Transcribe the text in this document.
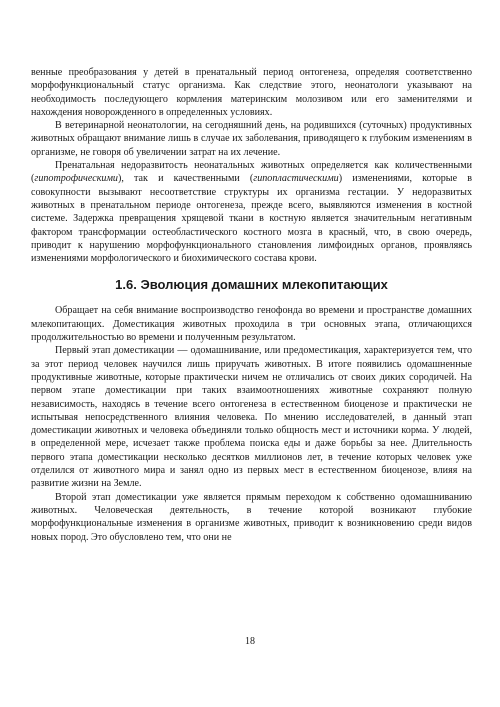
венные преобразования у детей в пренатальный период онтогенеза, определяя соответственно морфофункциональный статус организма. Как следствие этого, неонатологи указывают на необходимость последующего кормления материнским молозивом или его заменителями и нахождения новорожденного в определенных условиях.

В ветеринарной неонатологии, на сегодняшний день, на родившихся (суточных) продуктивных животных обращают внимание лишь в случае их заболевания, приводящего к глубоким изменениям в организме, не говоря об увеличении затрат на их лечение.

Пренатальная недоразвитость неонатальных животных определяется как количественными (гипотрофическими), так и качественными (гипопластическими) изменениями, которые в совокупности вызывают несоответствие структуры их организма гестации. У недоразвитых животных в пренатальном периоде онтогенеза, прежде всего, выявляются изменения в костной системе. Задержка превращения хрящевой ткани в костную является значительным негативным фактором трансформации остеобластического костного мозга в красный, что, в свою очередь, приводит к нарушению морфофункционального становления лимфоидных органов, проявляясь изменениями морфологического и биохимического состава крови.

1.6. Эволюция домашних млекопитающих

Обращает на себя внимание воспроизводство генофонда во времени и пространстве домашних млекопитающих. Доместикация животных проходила в три основных этапа, отличающихся продолжительностью во времени и полученным результатом.

Первый этап доместикации — одомашнивание, или предоместикация, характеризуется тем, что за этот период человек научился лишь приручать животных. В итоге появились одомашненные продуктивные животные, которые практически ничем не отличались от своих диких сородичей. На первом этапе доместикации при таких взаимоотношениях животные сохраняют полную независимость, находясь в течение всего онтогенеза в естественном биоценозе и практически не испытывая непосредственного влияния человека. По мнению исследователей, в данный этап доместикации животных и человека объединяли только общность мест и источники корма. У людей, в определенной мере, исчезает также проблема поиска еды и даже борьбы за нее. Длительность первого этапа доместикации несколько десятков миллионов лет, в течение которых человек уже отделился от животного мира и занял одно из первых мест в естественном биоценозе, влияя на развитие жизни на Земле.

Второй этап доместикации уже является прямым переходом к собственно одомашниванию животных. Человеческая деятельность, в течение которой возникают глубокие морфофункциональные изменения в организме животных, приводит к возникновению среди видов новых пород. Это обусловлено тем, что они не

18
